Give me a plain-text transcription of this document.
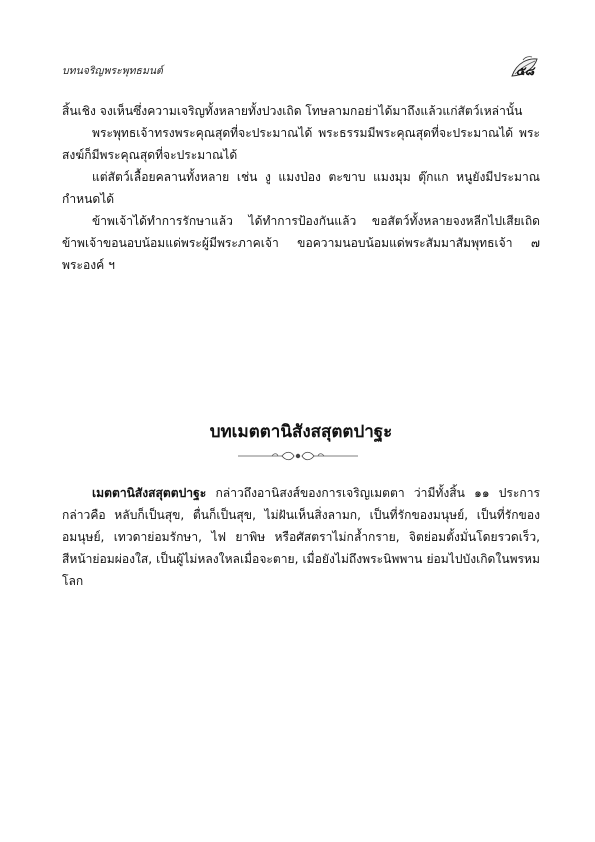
บทนจริญพระพุทธมนต์	๕๘

สิ้นเชิง จงเห็นซึ่งความเจริญทั้งหลายทั้งปวงเถิด โทษลามกอย่าได้มาถึงแล้วแก่สัตว์เหล่านั้น

พระพุทธเจ้าทรงพระคุณสุดที่จะประมาณได้ พระธรรมมีพระคุณสุดที่จะประมาณได้ พระสงฆ์ก็มีพระคุณสุดที่จะประมาณได้

แต่สัตว์เลื้อยคลานทั้งหลาย เช่น งู แมงป่อง ตะขาบ แมงมุม ตุ๊กแก หนูยังมีประมาณกำหนดได้

ข้าพเจ้าได้ทำการรักษาแล้ว ได้ทำการป้องกันแล้ว ขอสัตว์ทั้งหลายจงหลีกไปเสียเถิด ข้าพเจ้าขอนอบน้อมแด่พระผู้มีพระภาคเจ้า ขอความนอบน้อมแด่พระสัมมาสัมพุทธเจ้า ๗ พระองค์ ฯ

บทเมตตานิสังสสุตตปาฐะ

เมตตานิสังสสุตตปาฐะ กล่าวถึงอานิสงส์ของการเจริญเมตตา ว่ามีทั้งสิ้น ๑๑ ประการ กล่าวคือ หลับก็เป็นสุข, ตื่นก็เป็นสุข, ไม่ฝันเห็นสิ่งลามก, เป็นที่รักของมนุษย์, เป็นที่รักของอมนุษย์, เทวดาย่อมรักษา, ไฟ ยาพิษ หรือศัสตราไม่กล้ำกราย, จิตย่อมตั้งมั่นโดยรวดเร็ว, สีหน้าย่อมผ่องใส, เป็นผู้ไม่หลงใหลเมื่อจะตาย, เมื่อยังไม่ถึงพระนิพพาน ย่อมไปบังเกิดในพรหมโลก
